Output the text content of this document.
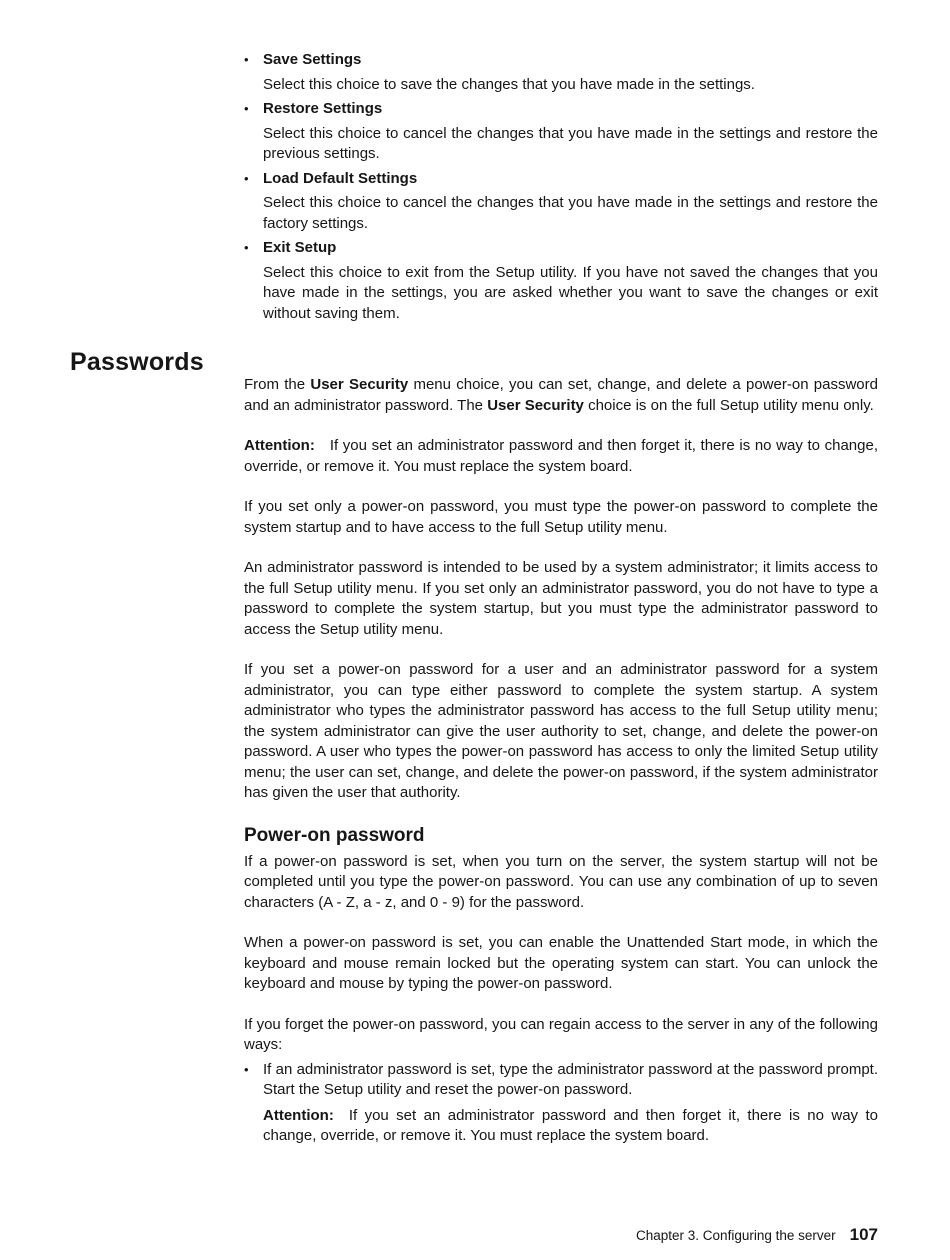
• Save Settings
Select this choice to save the changes that you have made in the settings.
• Restore Settings
Select this choice to cancel the changes that you have made in the settings and restore the previous settings.
• Load Default Settings
Select this choice to cancel the changes that you have made in the settings and restore the factory settings.
• Exit Setup
Select this choice to exit from the Setup utility. If you have not saved the changes that you have made in the settings, you are asked whether you want to save the changes or exit without saving them.
Passwords

From the User Security menu choice, you can set, change, and delete a power-on password and an administrator password. The User Security choice is on the full Setup utility menu only.

Attention: If you set an administrator password and then forget it, there is no way to change, override, or remove it. You must replace the system board.

If you set only a power-on password, you must type the power-on password to complete the system startup and to have access to the full Setup utility menu.

An administrator password is intended to be used by a system administrator; it limits access to the full Setup utility menu. If you set only an administrator password, you do not have to type a password to complete the system startup, but you must type the administrator password to access the Setup utility menu.

If you set a power-on password for a user and an administrator password for a system administrator, you can type either password to complete the system startup. A system administrator who types the administrator password has access to the full Setup utility menu; the system administrator can give the user authority to set, change, and delete the power-on password. A user who types the power-on password has access to only the limited Setup utility menu; the user can set, change, and delete the power-on password, if the system administrator has given the user that authority.

Power-on password

If a power-on password is set, when you turn on the server, the system startup will not be completed until you type the power-on password. You can use any combination of up to seven characters (A - Z, a - z, and 0 - 9) for the password.

When a power-on password is set, you can enable the Unattended Start mode, in which the keyboard and mouse remain locked but the operating system can start. You can unlock the keyboard and mouse by typing the power-on password.

If you forget the power-on password, you can regain access to the server in any of the following ways:

• If an administrator password is set, type the administrator password at the password prompt. Start the Setup utility and reset the power-on password.

Attention: If you set an administrator password and then forget it, there is no way to change, override, or remove it. You must replace the system board.

Chapter 3. Configuring the server 107
